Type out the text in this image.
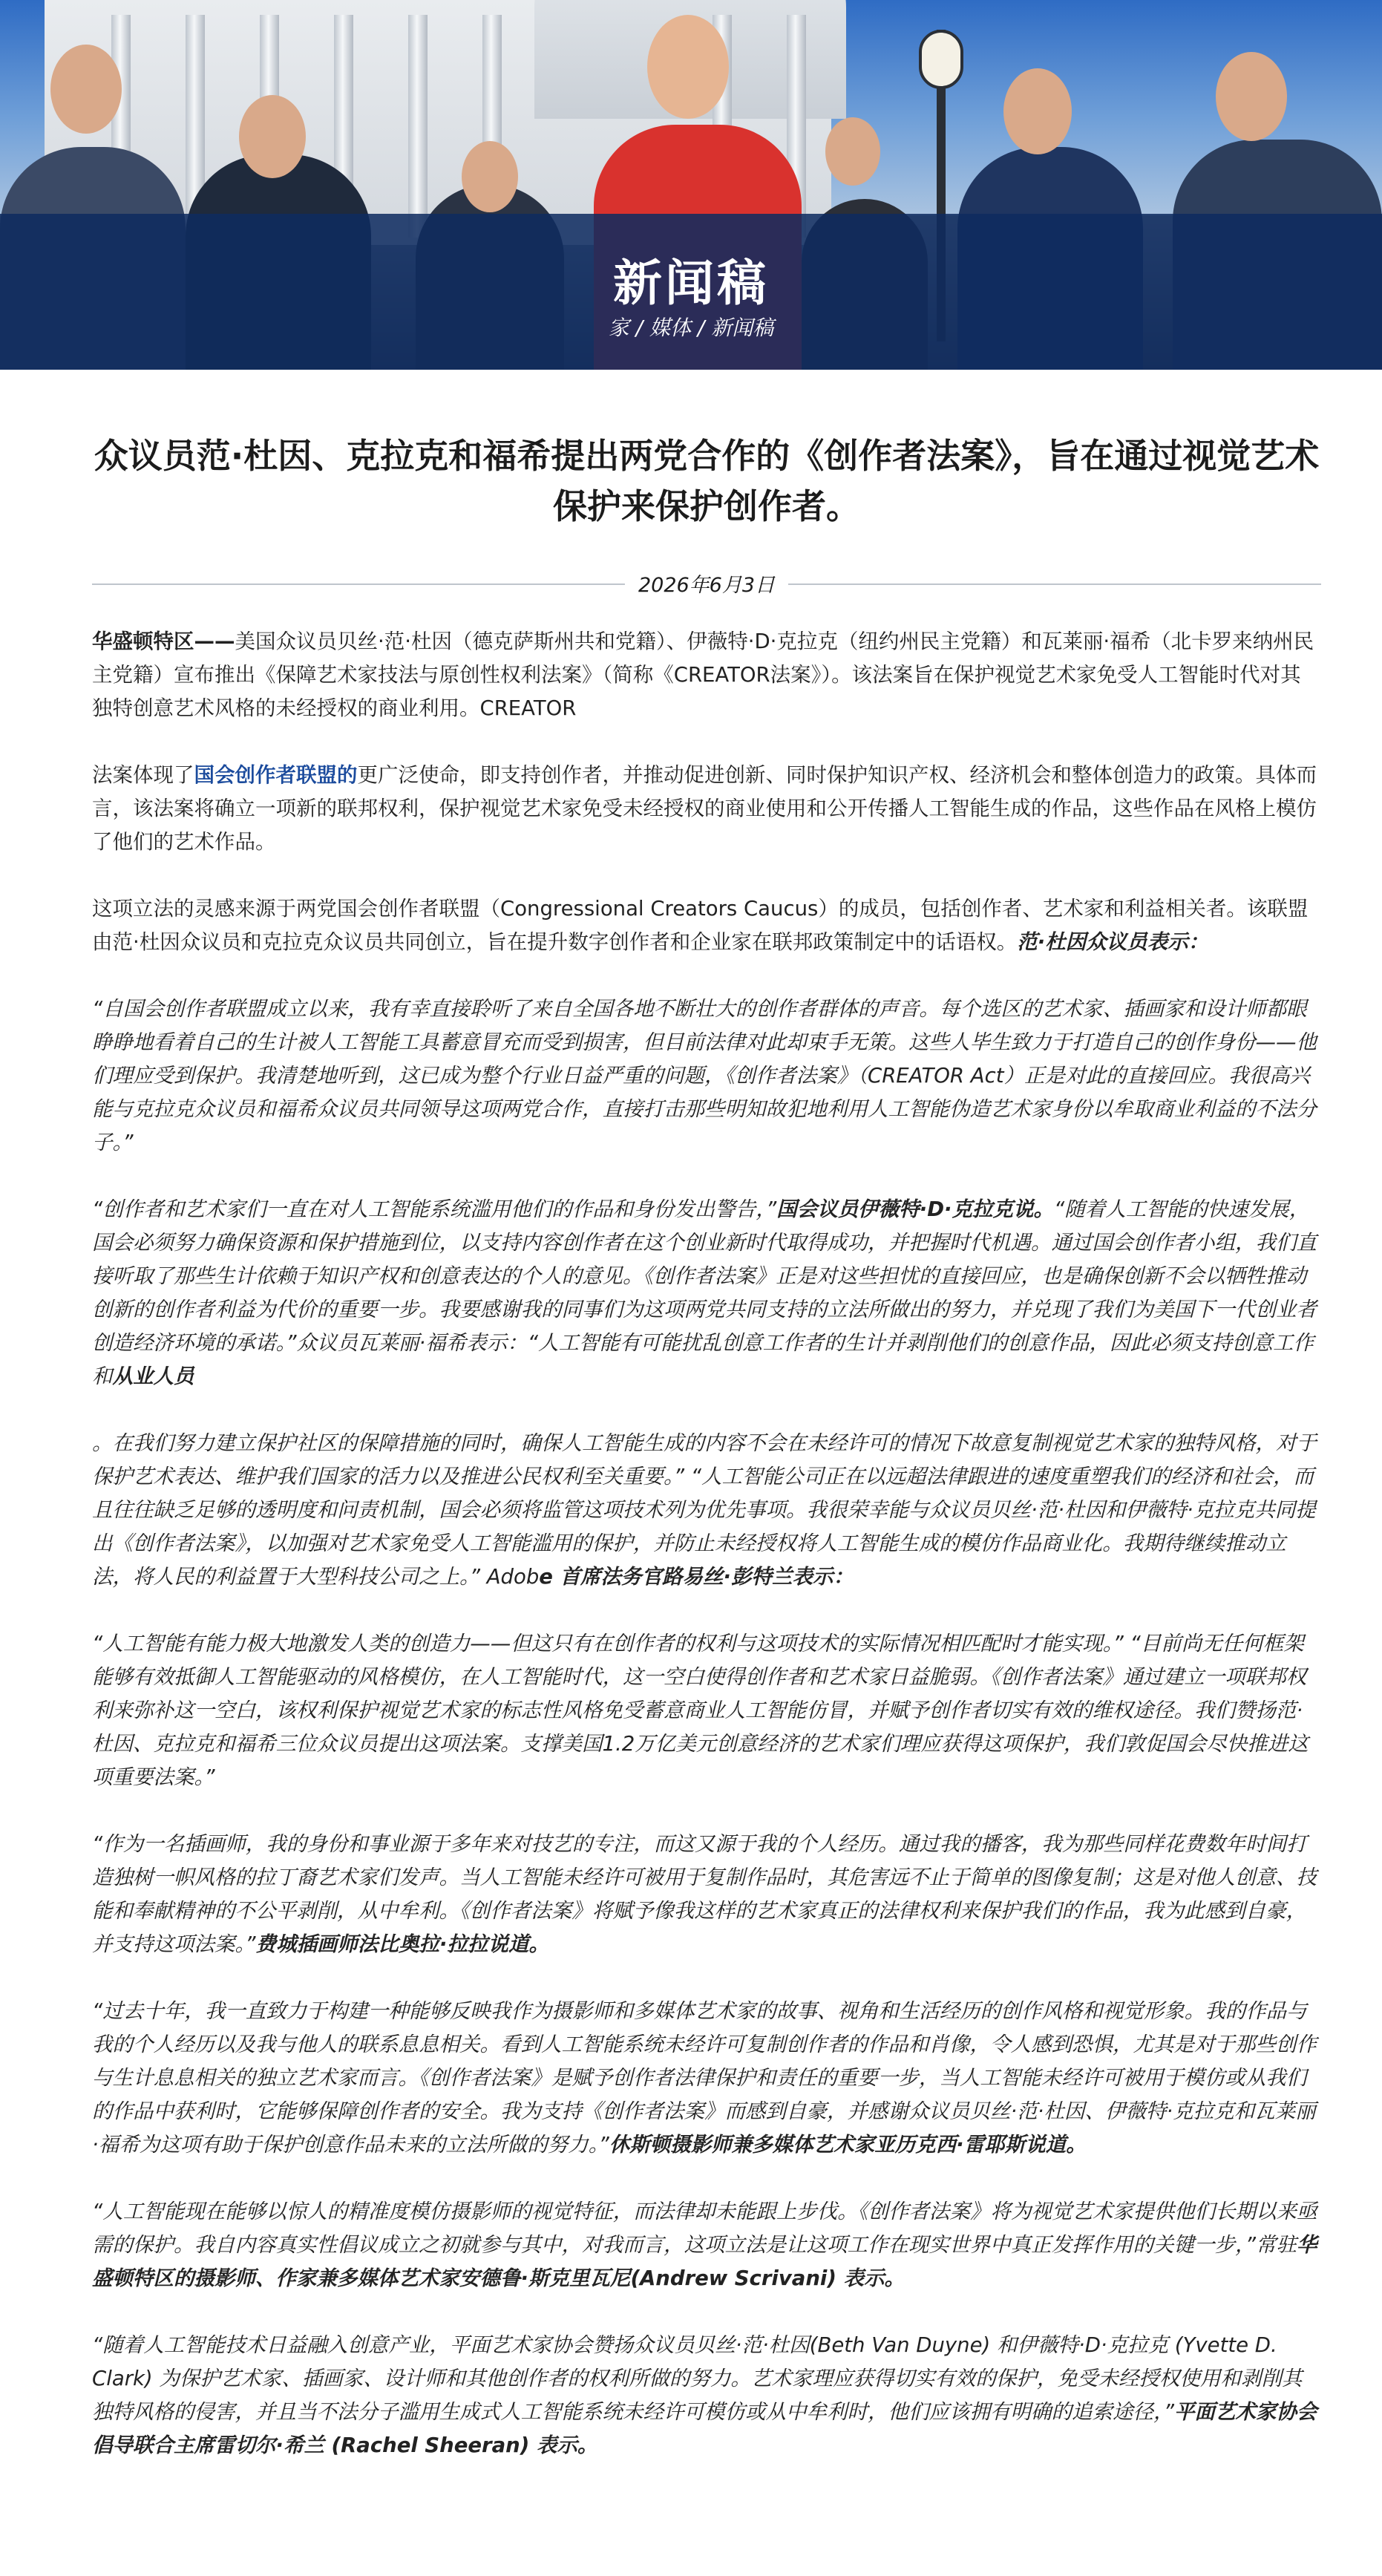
新闻稿
家 / 媒体 / 新闻稿
众议员范·杜因、克拉克和福希提出两党合作的《创作者法案》，旨在通过视觉艺术保护来保护创作者。
2026年6月3日

华盛顿特区——美国众议员贝丝·范·杜因（德克萨斯州共和党籍）、伊薇特·D·克拉克（纽约州民主党籍）和瓦莱丽·福希（北卡罗来纳州民主党籍）宣布推出《保障艺术家技法与原创性权利法案》（简称《CREATOR法案》）。该法案旨在保护视觉艺术家免受人工智能时代对其独特创意艺术风格的未经授权的商业利用。CREATOR

法案体现了国会创作者联盟的更广泛使命，即支持创作者，并推动促进创新、同时保护知识产权、经济机会和整体创造力的政策。具体而言，该法案将确立一项新的联邦权利，保护视觉艺术家免受未经授权的商业使用和公开传播人工智能生成的作品，这些作品在风格上模仿了他们的艺术作品。

这项立法的灵感来源于两党国会创作者联盟（Congressional Creators Caucus）的成员，包括创作者、艺术家和利益相关者。该联盟由范·杜因众议员和克拉克众议员共同创立，旨在提升数字创作者和企业家在联邦政策制定中的话语权。范·杜因众议员表示：

“自国会创作者联盟成立以来，我有幸直接聆听了来自全国各地不断壮大的创作者群体的声音。每个选区的艺术家、插画家和设计师都眼睁睁地看着自己的生计被人工智能工具蓄意冒充而受到损害，但目前法律对此却束手无策。这些人毕生致力于打造自己的创作身份——他们理应受到保护。我清楚地听到，这已成为整个行业日益严重的问题，《创作者法案》（CREATOR Act）正是对此的直接回应。我很高兴能与克拉克众议员和福希众议员共同领导这项两党合作，直接打击那些明知故犯地利用人工智能伪造艺术家身份以牟取商业利益的不法分子。”

“创作者和艺术家们一直在对人工智能系统滥用他们的作品和身份发出警告，”国会议员伊薇特·D·克拉克说。“随着人工智能的快速发展，国会必须努力确保资源和保护措施到位，以支持内容创作者在这个创业新时代取得成功，并把握时代机遇。通过国会创作者小组，我们直接听取了那些生计依赖于知识产权和创意表达的个人的意见。《创作者法案》正是对这些担忧的直接回应，也是确保创新不会以牺牲推动创新的创作者利益为代价的重要一步。我要感谢我的同事们为这项两党共同支持的立法所做出的努力，并兑现了我们为美国下一代创业者创造经济环境的承诺。”众议员瓦莱丽·福希表示：“人工智能有可能扰乱创意工作者的生计并剥削他们的创意作品，因此必须支持创意工作和从业人员

。在我们努力建立保护社区的保障措施的同时，确保人工智能生成的内容不会在未经许可的情况下故意复制视觉艺术家的独特风格，对于保护艺术表达、维护我们国家的活力以及推进公民权利至关重要。” “人工智能公司正在以远超法律跟进的速度重塑我们的经济和社会，而且往往缺乏足够的透明度和问责机制，国会必须将监管这项技术列为优先事项。我很荣幸能与众议员贝丝·范·杜因和伊薇特·克拉克共同提出《创作者法案》，以加强对艺术家免受人工智能滥用的保护，并防止未经授权将人工智能生成的模仿作品商业化。我期待继续推动立法，将人民的利益置于大型科技公司之上。” Adobe 首席法务官路易丝·彭特兰表示：

“人工智能有能力极大地激发人类的创造力——但这只有在创作者的权利与这项技术的实际情况相匹配时才能实现。” “目前尚无任何框架能够有效抵御人工智能驱动的风格模仿，在人工智能时代，这一空白使得创作者和艺术家日益脆弱。《创作者法案》通过建立一项联邦权利来弥补这一空白，该权利保护视觉艺术家的标志性风格免受蓄意商业人工智能仿冒，并赋予创作者切实有效的维权途径。我们赞扬范·杜因、克拉克和福希三位众议员提出这项法案。支撑美国1.2万亿美元创意经济的艺术家们理应获得这项保护，我们敦促国会尽快推进这项重要法案。”

“作为一名插画师，我的身份和事业源于多年来对技艺的专注，而这又源于我的个人经历。通过我的播客，我为那些同样花费数年时间打造独树一帜风格的拉丁裔艺术家们发声。当人工智能未经许可被用于复制作品时，其危害远不止于简单的图像复制；这是对他人创意、技能和奉献精神的不公平剥削，从中牟利。《创作者法案》将赋予像我这样的艺术家真正的法律权利来保护我们的作品，我为此感到自豪，并支持这项法案。”费城插画师法比奥拉·拉拉说道。

“过去十年，我一直致力于构建一种能够反映我作为摄影师和多媒体艺术家的故事、视角和生活经历的创作风格和视觉形象。我的作品与我的个人经历以及我与他人的联系息息相关。看到人工智能系统未经许可复制创作者的作品和肖像，令人感到恐惧，尤其是对于那些创作与生计息息相关的独立艺术家而言。《创作者法案》是赋予创作者法律保护和责任的重要一步，当人工智能未经许可被用于模仿或从我们的作品中获利时，它能够保障创作者的安全。我为支持《创作者法案》而感到自豪，并感谢众议员贝丝·范·杜因、伊薇特·克拉克和瓦莱丽·福希为这项有助于保护创意作品未来的立法所做的努力。”休斯顿摄影师兼多媒体艺术家亚历克西·雷耶斯说道。

“人工智能现在能够以惊人的精准度模仿摄影师的视觉特征，而法律却未能跟上步伐。《创作者法案》将为视觉艺术家提供他们长期以来亟需的保护。我自内容真实性倡议成立之初就参与其中，对我而言，这项立法是让这项工作在现实世界中真正发挥作用的关键一步，”常驻华盛顿特区的摄影师、作家兼多媒体艺术家安德鲁·斯克里瓦尼(Andrew Scrivani) 表示。

“随着人工智能技术日益融入创意产业，平面艺术家协会赞扬众议员贝丝·范·杜因(Beth Van Duyne) 和伊薇特·D·克拉克 (Yvette D. Clark) 为保护艺术家、插画家、设计师和其他创作者的权利所做的努力。艺术家理应获得切实有效的保护，免受未经授权使用和剥削其独特风格的侵害，并且当不法分子滥用生成式人工智能系统未经许可模仿或从中牟利时，他们应该拥有明确的追索途径，”平面艺术家协会倡导联合主席雷切尔·希兰 (Rachel Sheeran) 表示。
